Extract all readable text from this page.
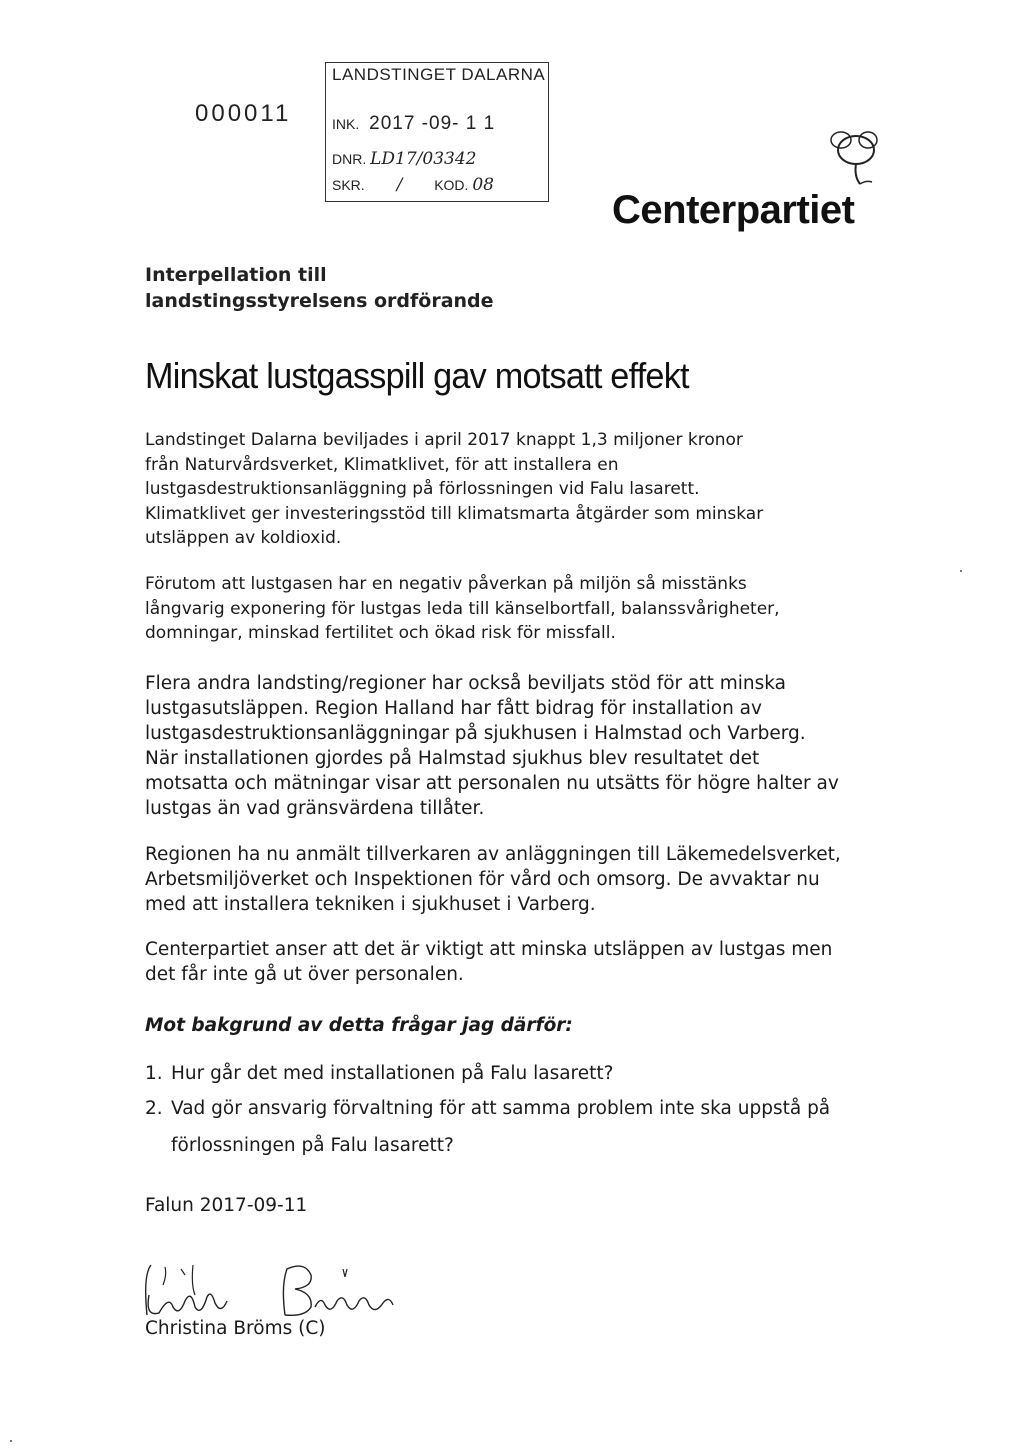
000011
LANDSTINGET DALARNA
INK. 2017 -09- 1 1
DNR. LD17/03342
SKR. / KOD. 08
Centerpartiet
Interpellation till
landstingsstyrelsens ordförande
Minskat lustgasspill gav motsatt effekt
Landstinget Dalarna beviljades i april 2017 knappt 1,3 miljoner kronor
från Naturvårdsverket, Klimatklivet, för att installera en
lustgasdestruktionsanläggning på förlossningen vid Falu lasarett.
Klimatklivet ger investeringsstöd till klimatsmarta åtgärder som minskar
utsläppen av koldioxid.
Förutom att lustgasen har en negativ påverkan på miljön så misstänks
långvarig exponering för lustgas leda till känselbortfall, balanssvårigheter,
domningar, minskad fertilitet och ökad risk för missfall.
Flera andra landsting/regioner har också beviljats stöd för att minska
lustgasutsläppen. Region Halland har fått bidrag för installation av
lustgasdestruktionsanläggningar på sjukhusen i Halmstad och Varberg.
När installationen gjordes på Halmstad sjukhus blev resultatet det
motsatta och mätningar visar att personalen nu utsätts för högre halter av
lustgas än vad gränsvärdena tillåter.
Regionen ha nu anmält tillverkaren av anläggningen till Läkemedelsverket,
Arbetsmiljöverket och Inspektionen för vård och omsorg. De avvaktar nu
med att installera tekniken i sjukhuset i Varberg.
Centerpartiet anser att det är viktigt att minska utsläppen av lustgas men
det får inte gå ut över personalen.
Mot bakgrund av detta frågar jag därför:
1. Hur går det med installationen på Falu lasarett?
2. Vad gör ansvarig förvaltning för att samma problem inte ska uppstå på
förlossningen på Falu lasarett?
Falun 2017-09-11
Christina Bröms (C)
